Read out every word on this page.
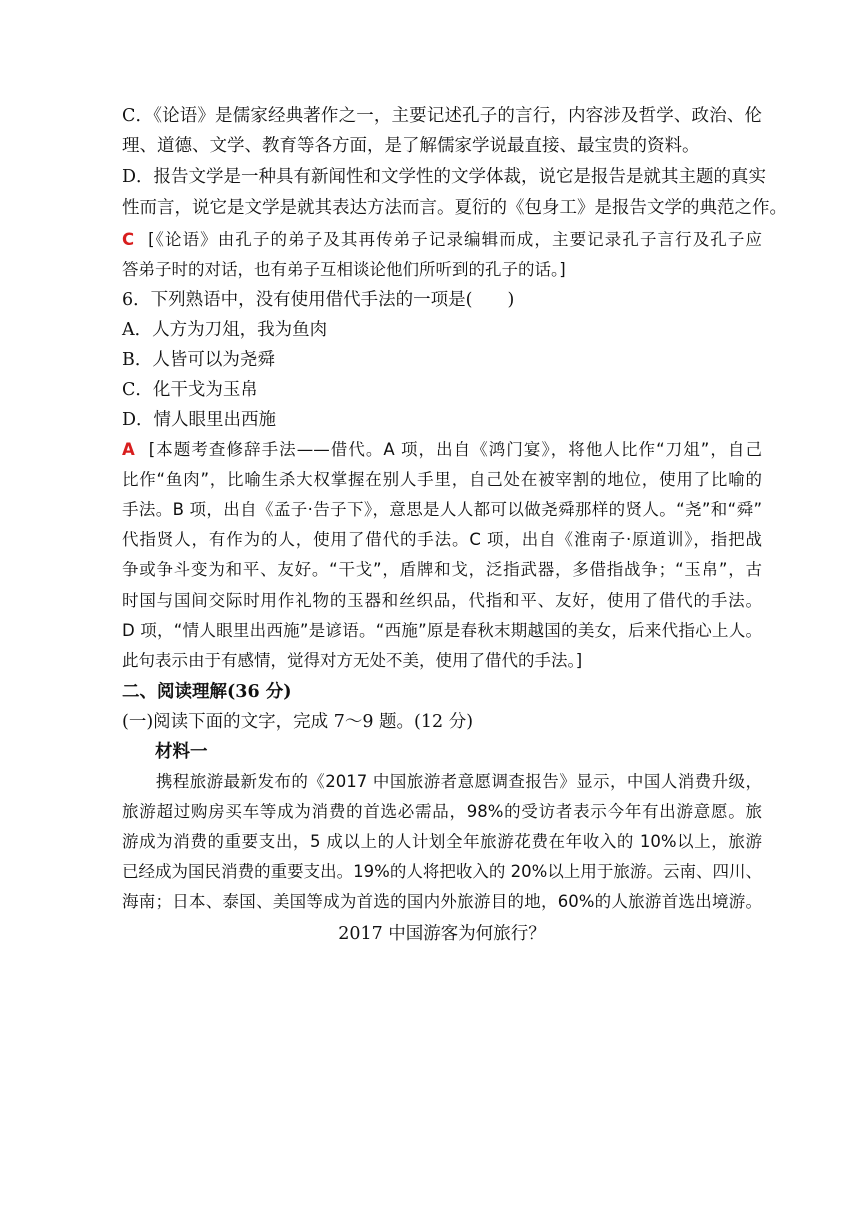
C．《论语》是儒家经典著作之一，主要记述孔子的言行，内容涉及哲学、政治、伦
理、道德、文学、教育等各方面，是了解儒家学说最直接、最宝贵的资料。
D．报告文学是一种具有新闻性和文学性的文学体裁，说它是报告是就其主题的真实
性而言，说它是文学是就其表达方法而言。夏衍的《包身工》是报告文学的典范之作。
C [《论语》由孔子的弟子及其再传弟子记录编辑而成，主要记录孔子言行及孔子应
答弟子时的对话，也有弟子互相谈论他们所听到的孔子的话。]
6．下列熟语中，没有使用借代手法的一项是(　　)
A．人方为刀俎，我为鱼肉
B．人皆可以为尧舜
C．化干戈为玉帛
D．情人眼里出西施
A [本题考查修辞手法——借代。A 项，出自《鸿门宴》，将他人比作“刀俎”，自己
比作“鱼肉”，比喻生杀大权掌握在别人手里，自己处在被宰割的地位，使用了比喻的
手法。B 项，出自《孟子·告子下》，意思是人人都可以做尧舜那样的贤人。“尧”和“舜”
代指贤人，有作为的人，使用了借代的手法。C 项，出自《淮南子·原道训》，指把战
争或争斗变为和平、友好。“干戈”，盾牌和戈，泛指武器，多借指战争；“玉帛”，古
时国与国间交际时用作礼物的玉器和丝织品，代指和平、友好，使用了借代的手法。
D 项，“情人眼里出西施”是谚语。“西施”原是春秋末期越国的美女，后来代指心上人。
此句表示由于有感情，觉得对方无处不美，使用了借代的手法。]
二、阅读理解(36 分)
(一)阅读下面的文字，完成 7～9 题。(12 分)
材料一
　　携程旅游最新发布的《2017 中国旅游者意愿调查报告》显示，中国人消费升级，
旅游超过购房买车等成为消费的首选必需品，98%的受访者表示今年有出游意愿。旅
游成为消费的重要支出，5 成以上的人计划全年旅游花费在年收入的 10%以上，旅游
已经成为国民消费的重要支出。19%的人将把收入的 20%以上用于旅游。云南、四川、
海南；日本、泰国、美国等成为首选的国内外旅游目的地，60%的人旅游首选出境游。
2017 中国游客为何旅行？
